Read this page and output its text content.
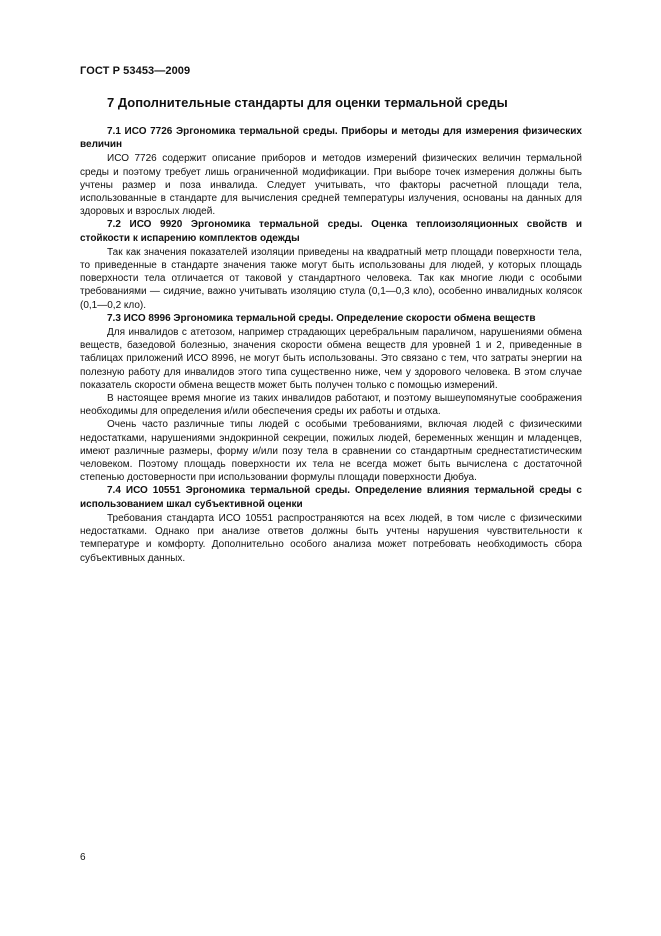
ГОСТ Р 53453—2009
7 Дополнительные стандарты для оценки термальной среды

7.1 ИСО 7726 Эргономика термальной среды. Приборы и методы для измерения физических величин

ИСО 7726 содержит описание приборов и методов измерений физических величин термальной среды и поэтому требует лишь ограниченной модификации. При выборе точек измерения должны быть учтены размер и поза инвалида. Следует учитывать, что факторы расчетной площади тела, использованные в стандарте для вычисления средней температуры излучения, основаны на данных для здоровых и взрослых людей.

7.2 ИСО 9920 Эргономика термальной среды. Оценка теплоизоляционных свойств и стойкости к испарению комплектов одежды

Так как значения показателей изоляции приведены на квадратный метр площади поверхности тела, то приведенные в стандарте значения также могут быть использованы для людей, у которых площадь поверхности тела отличается от таковой у стандартного человека. Так как многие люди с особыми требованиями — сидячие, важно учитывать изоляцию стула (0,1—0,3 кло), особенно инвалидных колясок (0,1—0,2 кло).

7.3 ИСО 8996 Эргономика термальной среды. Определение скорости обмена веществ

Для инвалидов с атетозом, например страдающих церебральным параличом, нарушениями обмена веществ, базедовой болезнью, значения скорости обмена веществ для уровней 1 и 2, приведенные в таблицах приложений ИСО 8996, не могут быть использованы. Это связано с тем, что затраты энергии на полезную работу для инвалидов этого типа существенно ниже, чем у здорового человека. В этом случае показатель скорости обмена веществ может быть получен только с помощью измерений.

В настоящее время многие из таких инвалидов работают, и поэтому вышеупомянутые соображения необходимы для определения и/или обеспечения среды их работы и отдыха.

Очень часто различные типы людей с особыми требованиями, включая людей с физическими недостатками, нарушениями эндокринной секреции, пожилых людей, беременных женщин и младенцев, имеют различные размеры, форму и/или позу тела в сравнении со стандартным среднестатистическим человеком. Поэтому площадь поверхности их тела не всегда может быть вычислена с достаточной степенью достоверности при использовании формулы площади поверхности Дюбуа.

7.4 ИСО 10551 Эргономика термальной среды. Определение влияния термальной среды с использованием шкал субъективной оценки

Требования стандарта ИСО 10551 распространяются на всех людей, в том числе с физическими недостатками. Однако при анализе ответов должны быть учтены нарушения чувствительности к температуре и комфорту. Дополнительно особого анализа может потребовать необходимость сбора субъективных данных.

6
